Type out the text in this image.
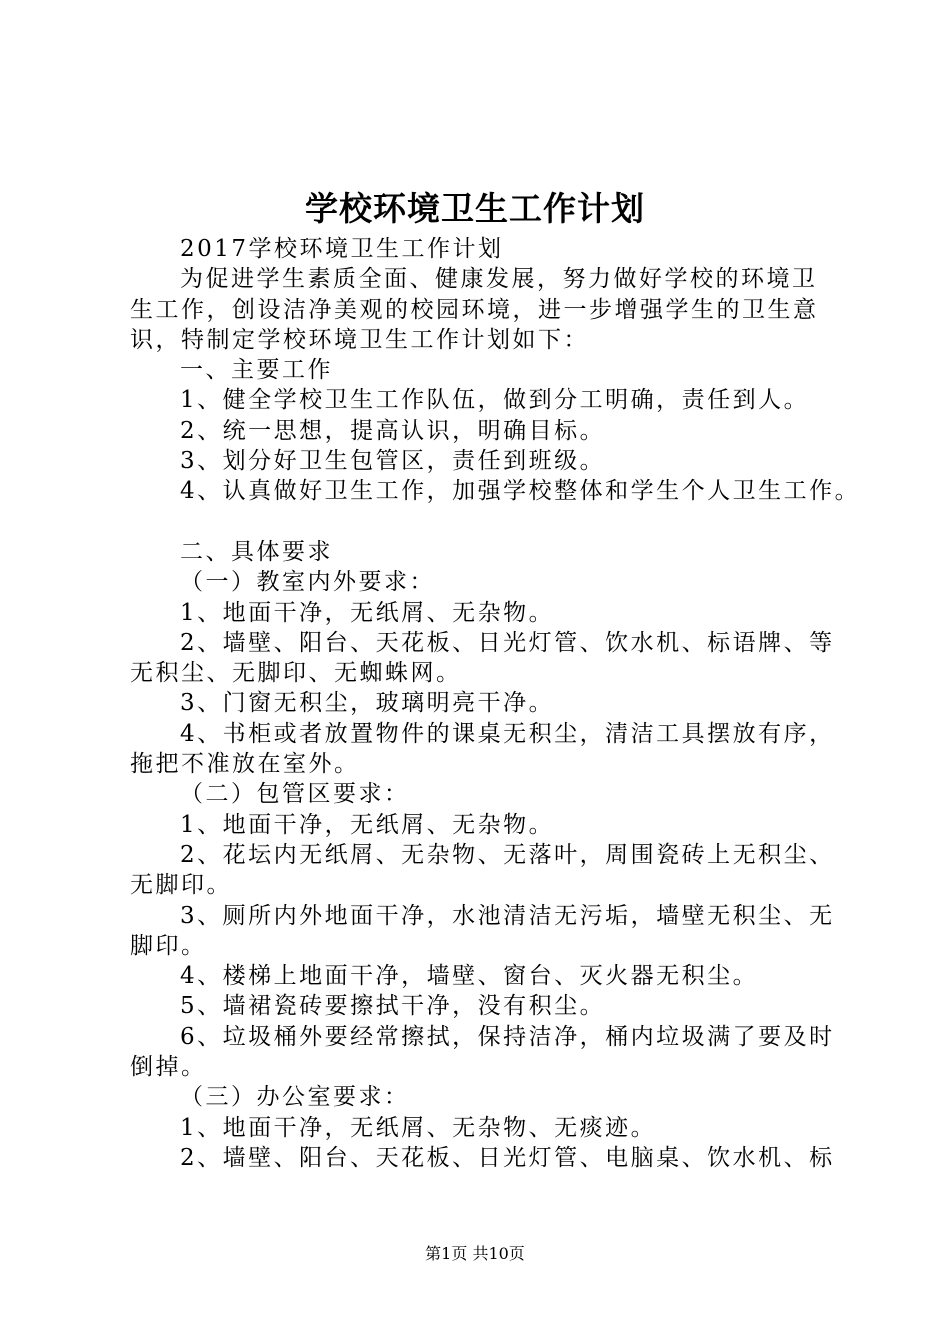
学校环境卫生工作计划
2017学校环境卫生工作计划
为促进学生素质全面、健康发展，努力做好学校的环境卫
生工作，创设洁净美观的校园环境，进一步增强学生的卫生意
识，特制定学校环境卫生工作计划如下：
一、主要工作
1、健全学校卫生工作队伍，做到分工明确，责任到人。
2、统一思想，提高认识，明确目标。
3、划分好卫生包管区，责任到班级。
4、认真做好卫生工作，加强学校整体和学生个人卫生工作。
二、具体要求
（一）教室内外要求：
1、地面干净，无纸屑、无杂物。
2、墙壁、阳台、天花板、日光灯管、饮水机、标语牌、等
无积尘、无脚印、无蜘蛛网。
3、门窗无积尘，玻璃明亮干净。
4、书柜或者放置物件的课桌无积尘，清洁工具摆放有序，
拖把不准放在室外。
（二）包管区要求：
1、地面干净，无纸屑、无杂物。
2、花坛内无纸屑、无杂物、无落叶，周围瓷砖上无积尘、
无脚印。
3、厕所内外地面干净，水池清洁无污垢，墙壁无积尘、无
脚印。
4、楼梯上地面干净，墙壁、窗台、灭火器无积尘。
5、墙裙瓷砖要擦拭干净，没有积尘。
6、垃圾桶外要经常擦拭，保持洁净，桶内垃圾满了要及时
倒掉。
（三）办公室要求：
1、地面干净，无纸屑、无杂物、无痰迹。
2、墙壁、阳台、天花板、日光灯管、电脑桌、饮水机、标
第1页 共10页
